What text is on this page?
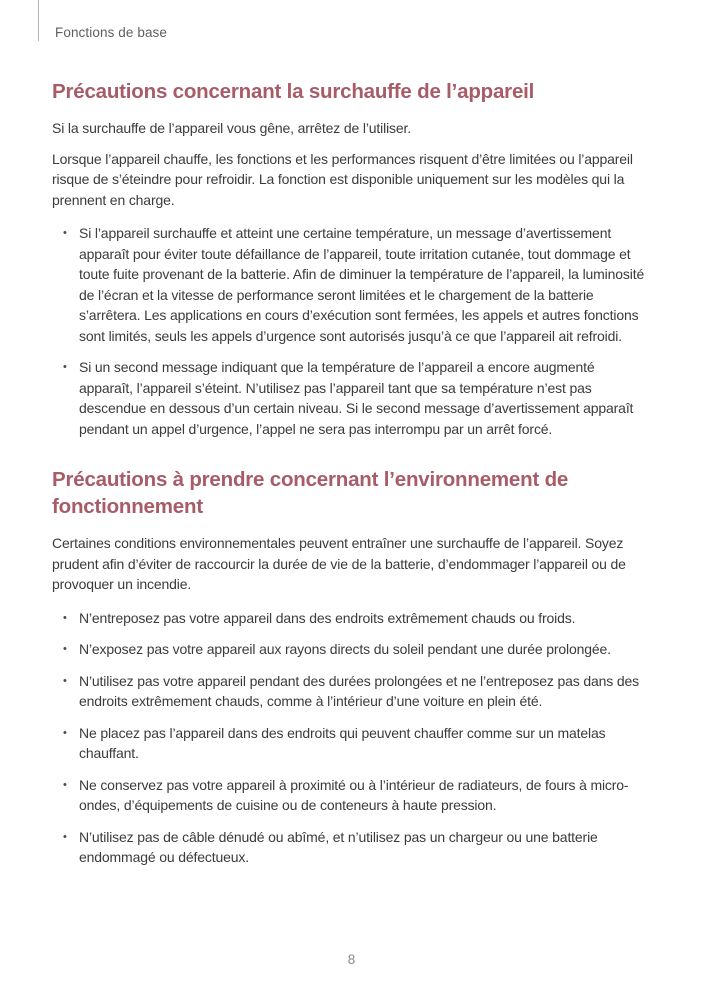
Fonctions de base
Précautions concernant la surchauffe de l’appareil

Si la surchauffe de l’appareil vous gêne, arrêtez de l’utiliser.

Lorsque l’appareil chauffe, les fonctions et les performances risquent d’être limitées ou l’appareil risque de s’éteindre pour refroidir. La fonction est disponible uniquement sur les modèles qui la prennent en charge.

• Si l’appareil surchauffe et atteint une certaine température, un message d’avertissement apparaît pour éviter toute défaillance de l’appareil, toute irritation cutanée, tout dommage et toute fuite provenant de la batterie. Afin de diminuer la température de l’appareil, la luminosité de l’écran et la vitesse de performance seront limitées et le chargement de la batterie s’arrêtera. Les applications en cours d’exécution sont fermées, les appels et autres fonctions sont limités, seuls les appels d’urgence sont autorisés jusqu’à ce que l’appareil ait refroidi.
• Si un second message indiquant que la température de l’appareil a encore augmenté apparaît, l’appareil s’éteint. N’utilisez pas l’appareil tant que sa température n’est pas descendue en dessous d’un certain niveau. Si le second message d’avertissement apparaît pendant un appel d’urgence, l’appel ne sera pas interrompu par un arrêt forcé.
Précautions à prendre concernant l’environnement de fonctionnement

Certaines conditions environnementales peuvent entraîner une surchauffe de l’appareil. Soyez prudent afin d’éviter de raccourcir la durée de vie de la batterie, d’endommager l’appareil ou de provoquer un incendie.

• N’entreposez pas votre appareil dans des endroits extrêmement chauds ou froids.
• N’exposez pas votre appareil aux rayons directs du soleil pendant une durée prolongée.
• N’utilisez pas votre appareil pendant des durées prolongées et ne l’entreposez pas dans des endroits extrêmement chauds, comme à l’intérieur d’une voiture en plein été.
• Ne placez pas l’appareil dans des endroits qui peuvent chauffer comme sur un matelas chauffant.
• Ne conservez pas votre appareil à proximité ou à l’intérieur de radiateurs, de fours à micro-ondes, d’équipements de cuisine ou de conteneurs à haute pression.
• N’utilisez pas de câble dénudé ou abîmé, et n’utilisez pas un chargeur ou une batterie endommagé ou défectueux.
8
